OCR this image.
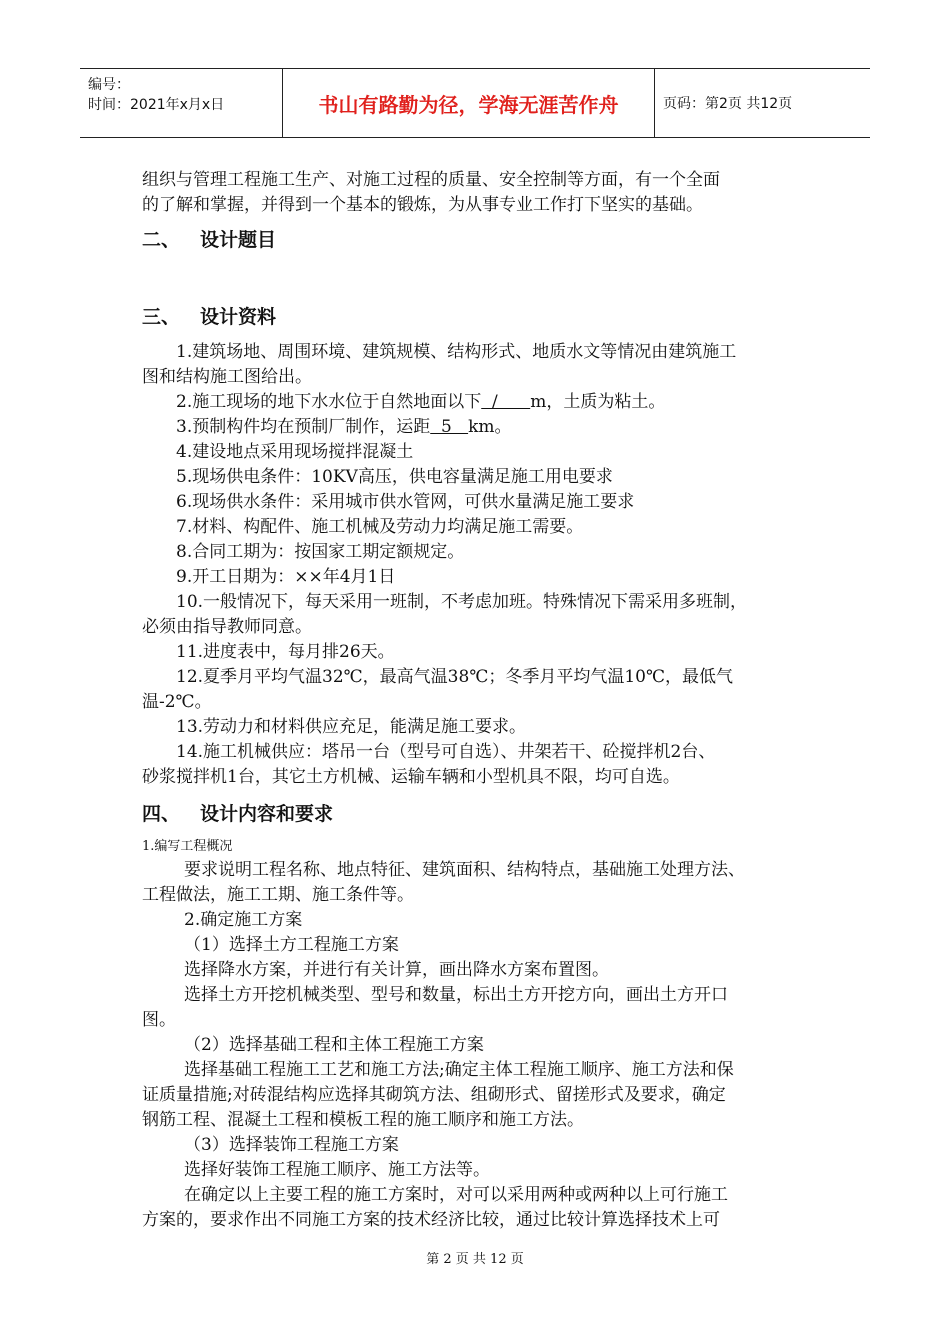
编号：
时间：2021年x月x日	书山有路勤为径，学海无涯苦作舟	页码：第2页 共12页

组织与管理工程施工生产、对施工过程的质量、安全控制等方面，有一个全面

的了解和掌握，并得到一个基本的锻炼，为从事专业工作打下坚实的基础。

二、 设计题目
三、 设计资料

1.建筑场地、周围环境、建筑规模、结构形式、地质水文等情况由建筑施工

图和结构施工图给出。

2.施工现场的地下水水位于自然地面以下  /      m，土质为粘土。

3.预制构件均在预制厂制作，运距  5   km。

4.建设地点采用现场搅拌混凝土

5.现场供电条件：10KV高压，供电容量满足施工用电要求

6.现场供水条件：采用城市供水管网，可供水量满足施工要求

7.材料、构配件、施工机械及劳动力均满足施工需要。

8.合同工期为：按国家工期定额规定。

9.开工日期为：××年4月1日

10.一般情况下，每天采用一班制，不考虑加班。特殊情况下需采用多班制，

必须由指导教师同意。

11.进度表中，每月排26天。

12.夏季月平均气温32℃，最高气温38℃；冬季月平均气温10℃，最低气

温-2℃。

13.劳动力和材料供应充足，能满足施工要求。

14.施工机械供应：塔吊一台（型号可自选）、井架若干、砼搅拌机2台、

砂浆搅拌机1台，其它土方机械、运输车辆和小型机具不限，均可自选。

四、 设计内容和要求

1.编写工程概况

要求说明工程名称、地点特征、建筑面积、结构特点，基础施工处理方法、

工程做法，施工工期、施工条件等。

2.确定施工方案

（1）选择土方工程施工方案

选择降水方案，并进行有关计算，画出降水方案布置图。

选择土方开挖机械类型、型号和数量，标出土方开挖方向，画出土方开口

图。

（2）选择基础工程和主体工程施工方案

选择基础工程施工工艺和施工方法;确定主体工程施工顺序、施工方法和保

证质量措施;对砖混结构应选择其砌筑方法、组砌形式、留搓形式及要求，确定

钢筋工程、混凝土工程和模板工程的施工顺序和施工方法。

（3）选择装饰工程施工方案

选择好装饰工程施工顺序、施工方法等。

在确定以上主要工程的施工方案时，对可以采用两种或两种以上可行施工

方案的，要求作出不同施工方案的技术经济比较，通过比较计算选择技术上可

第 2 页 共 12 页
